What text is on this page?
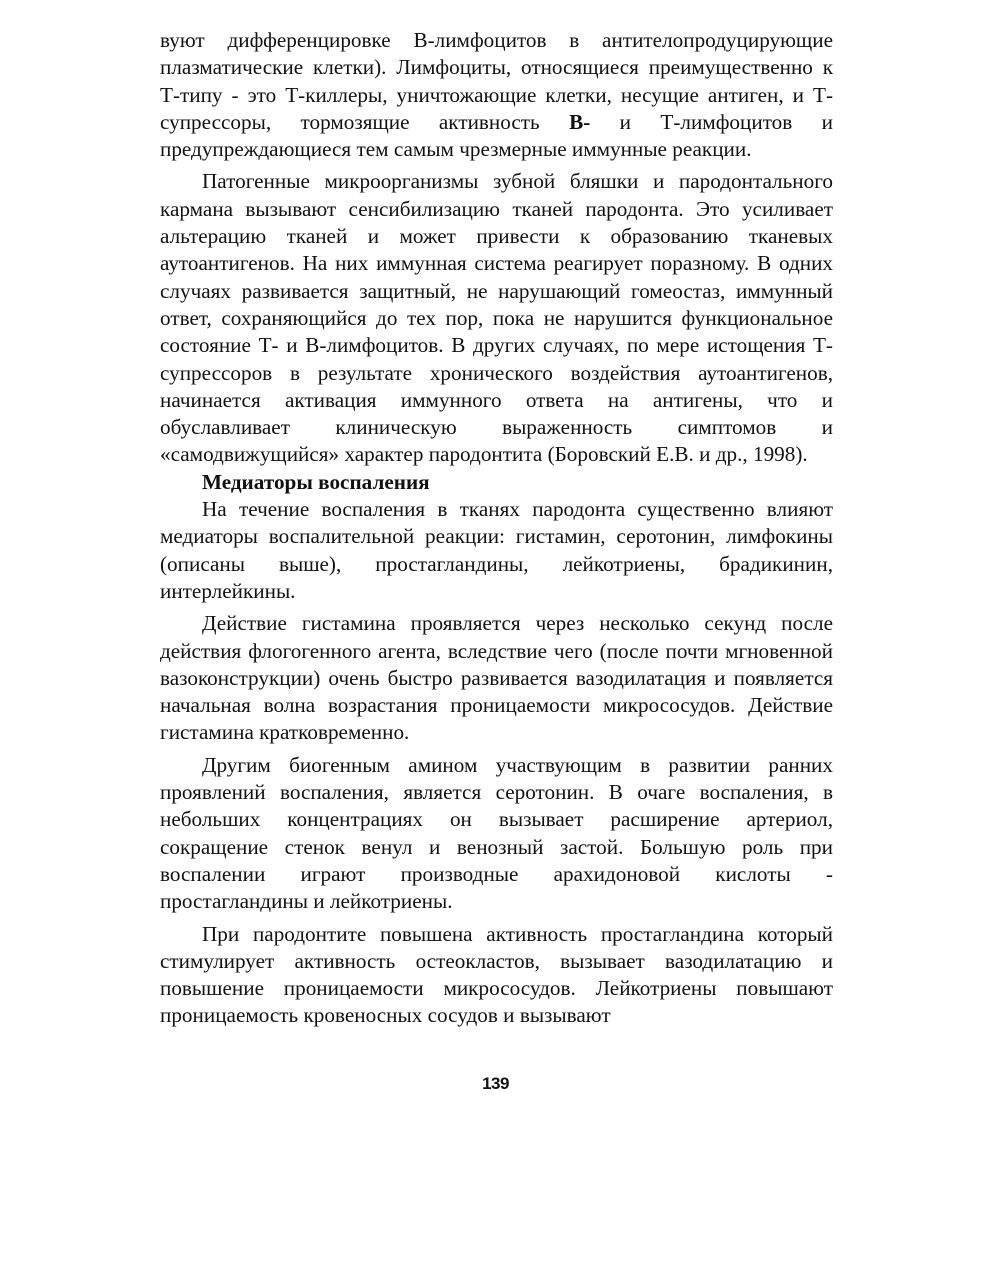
вуют дифференцировке В-лимфоцитов в антителопродуцирующие плазматические клетки). Лимфоциты, относящиеся преимущественно к Т-типу - это Т-киллеры, уничтожающие клетки, несущие антиген, и Т-супрессоры, тормозящие активность В- и Т-лимфоцитов и предупреждающиеся тем самым чрезмерные иммунные реакции.

Патогенные микроорганизмы зубной бляшки и пародонтального кармана вызывают сенсибилизацию тканей пародонта. Это усиливает альтерацию тканей и может привести к образованию тканевых аутоантигенов. На них иммунная система реагирует поразному. В одних случаях развивается защитный, не нарушающий гомеостаз, иммунный ответ, сохраняющийся до тех пор, пока не нарушится функциональное состояние Т- и В-лимфоцитов. В других случаях, по мере истощения Т-супрессоров в результате хронического воздействия аутоантигенов, начинается активация иммунного ответа на антигены, что и обуславливает клиническую выраженность симптомов и «самодвижущийся» характер пародонтита (Боровский Е.В. и др., 1998).

Медиаторы воспаления

На течение воспаления в тканях пародонта существенно влияют медиаторы воспалительной реакции: гистамин, серотонин, лимфокины (описаны выше), простагландины, лейкотриены, брадикинин, интерлейкины.

Действие гистамина проявляется через несколько секунд после действия флогогенного агента, вследствие чего (после почти мгновенной вазоконструкции) очень быстро развивается вазодилатация и появляется начальная волна возрастания проницаемости микрососудов. Действие гистамина кратковременно.

Другим биогенным амином участвующим в развитии ранних проявлений воспаления, является серотонин. В очаге воспаления, в небольших концентрациях он вызывает расширение артериол, сокращение стенок венул и венозный застой. Большую роль при воспалении играют производные арахидоновой кислоты - простагландины и лейкотриены.

При пародонтите повышена активность простагландина который стимулирует активность остеокластов, вызывает вазодилатацию и повышение проницаемости микрососудов. Лейкотриены повышают проницаемость кровеносных сосудов и вызывают

139
